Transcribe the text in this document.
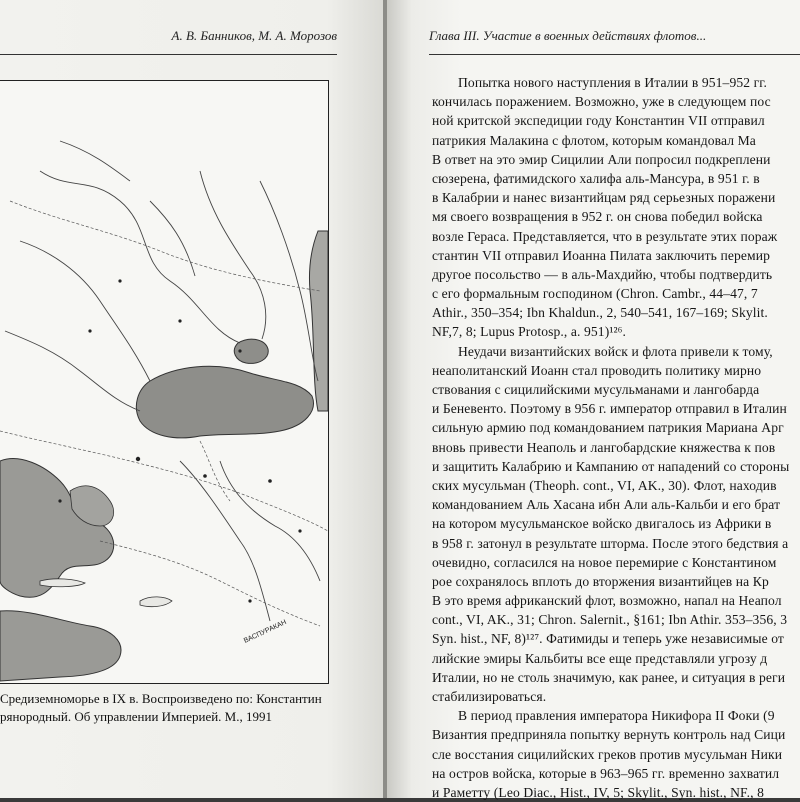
А. В. Банников, М. А. Морозов
ВАСПУРАКАН

Средиземноморье в IX в. Воспроизведено по: Константин

рянородный. Об управлении Империей. М., 1991

Глава III. Участие в военных действиях флотов...
Попытка нового наступления в Италии в 951–952 гг.
кончилась поражением. Возможно, уже в следующем пос
ной критской экспедиции году Константин VII отправил
патрикия Малакина с флотом, которым командовал Ма
В ответ на это эмир Сицилии Али попросил подкреплени
сюзерена, фатимидского халифа аль-Мансура, в 951 г. в
в Калабрии и нанес византийцам ряд серьезных поражени
мя своего возвращения в 952 г. он снова победил войска
возле Гераса. Представляется, что в результате этих пораж
стантин VII отправил Иоанна Пилата заключить перемир
другое посольство — в аль-Махдийю, чтобы подтвердить
с его формальным господином (Chron. Cambr., 44–47, 7
Athir., 350–354; Ibn Khaldun., 2, 540–541, 167–169; Skylit.
NF,7, 8; Lupus Protosp., a. 951)¹²⁶.
Неудачи византийских войск и флота привели к тому,
неаполитанский Иоанн стал проводить политику мирно
ствования с сицилийскими мусульманами и лангобарда
и Беневенто. Поэтому в 956 г. император отправил в Италин
сильную армию под командованием патрикия Мариана Арг
вновь привести Неаполь и лангобардские княжества к пов
и защитить Калабрию и Кампанию от нападений со стороны
ских мусульман (Theoph. cont., VI, AK., 30). Флот, находив
командованием Аль Хасана ибн Али аль-Кальби и его брат
на котором мусульманское войско двигалось из Африки в
в 958 г. затонул в результате шторма. После этого бедствия а
очевидно, согласился на новое перемирие с Константином
рое сохранялось вплоть до вторжения византийцев на Кр
В это время африканский флот, возможно, напал на Неапол
cont., VI, AK., 31; Chron. Salernit., §161; Ibn Athir. 353–356, 3
Syn. hist., NF, 8)¹²⁷. Фатимиды и теперь уже независимые от
лийские эмиры Кальбиты все еще представляли угрозу д
Италии, но не столь значимую, как ранее, и ситуация в реги
стабилизироваться.
В период правления императора Никифора II Фоки (9
Византия предприняла попытку вернуть контроль над Сици
сле восстания сицилийских греков против мусульман Ники
на остров войска, которые в 963–965 гг. временно захватил
и Раметту (Leo Diac., Hist., IV, 5; Skylit., Syn. hist., NF., 8
